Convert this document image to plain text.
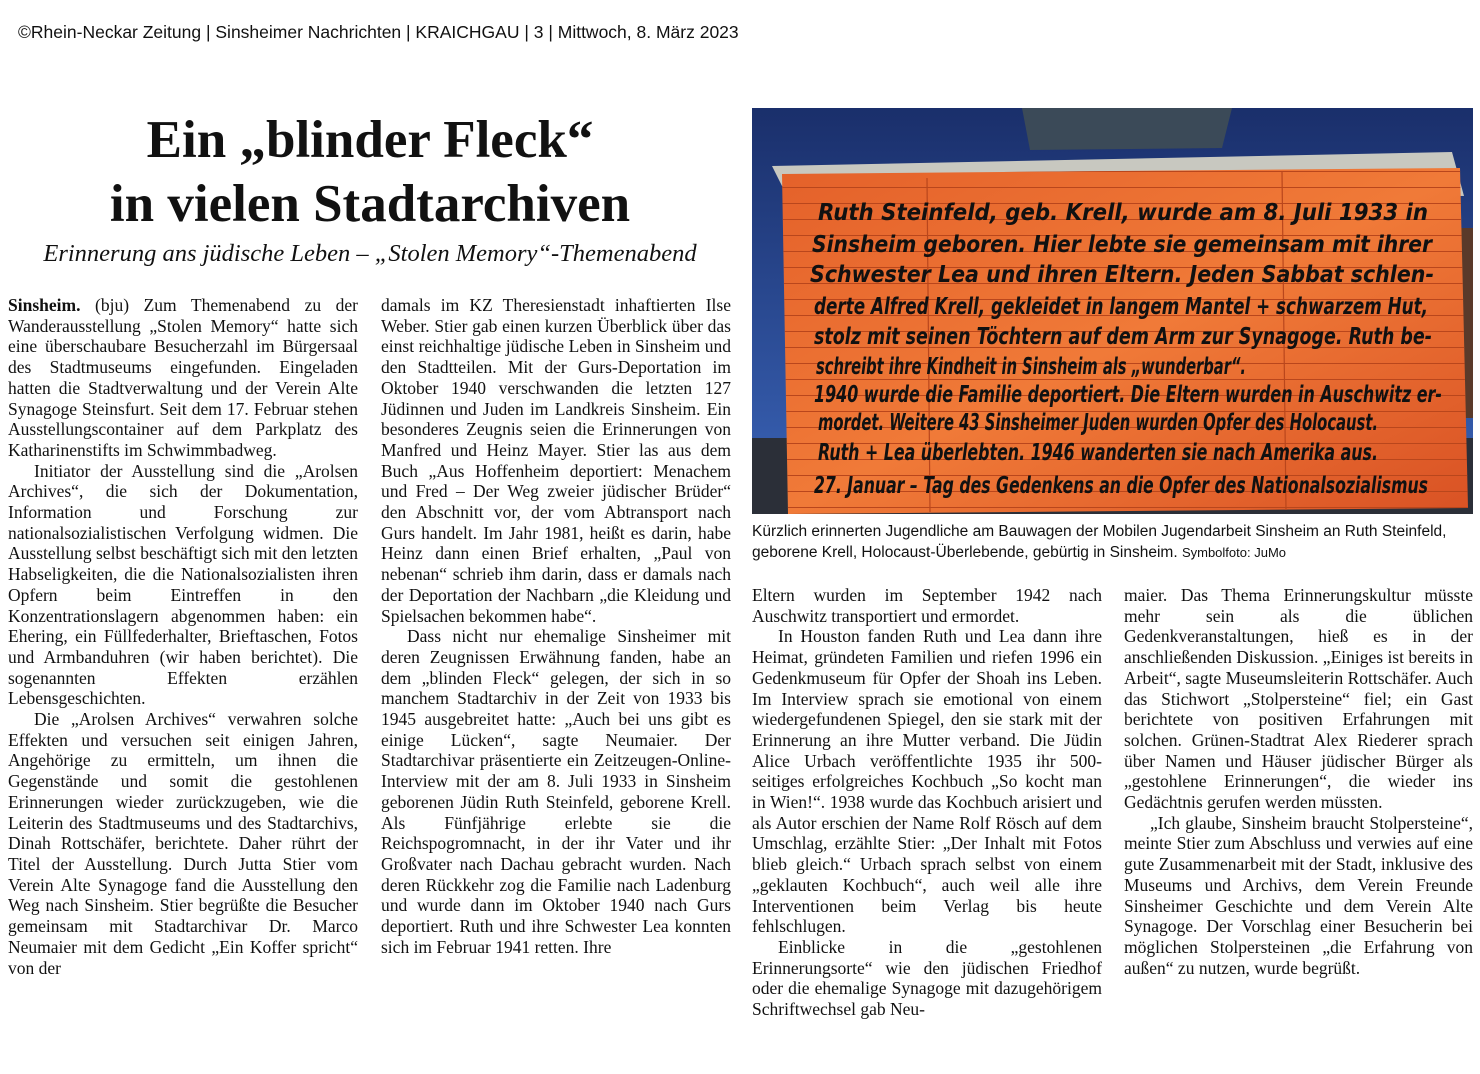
©Rhein-Neckar Zeitung | Sinsheimer Nachrichten | KRAICHGAU | 3 | Mittwoch, 8. März 2023
Ein „blinder Fleck“
in vielen Stadtarchiven
Erinnerung ans jüdische Leben – „Stolen Memory“-Themenabend

Sinsheim. (bju) Zum Themenabend zu der Wanderausstellung „Stolen Memory“ hatte sich eine überschaubare Besucherzahl im Bürgersaal des Stadtmuseums eingefunden. Eingeladen hatten die Stadtverwaltung und der Verein Alte Synagoge Steinsfurt. Seit dem 17. Februar stehen Ausstellungscontainer auf dem Parkplatz des Katharinenstifts im Schwimmbadweg.

Initiator der Ausstellung sind die „Arolsen Archives“, die sich der Dokumentation, Information und Forschung zur nationalsozialistischen Verfolgung widmen. Die Ausstellung selbst beschäftigt sich mit den letzten Habseligkeiten, die die Nationalsozialisten ihren Opfern beim Eintreffen in den Konzentrationslagern abgenommen haben: ein Ehering, ein Füllfederhalter, Brieftaschen, Fotos und Armbanduhren (wir haben berichtet). Die sogenannten Effekten erzählen Lebensgeschichten.

Die „Arolsen Archives“ verwahren solche Effekten und versuchen seit einigen Jahren, Angehörige zu ermitteln, um ihnen die Gegenstände und somit die gestohlenen Erinnerungen wieder zurückzugeben, wie die Leiterin des Stadtmuseums und des Stadtarchivs, Dinah Rottschäfer, berichtete. Daher rührt der Titel der Ausstellung. Durch Jutta Stier vom Verein Alte Synagoge fand die Ausstellung den Weg nach Sinsheim. Stier begrüßte die Besucher gemeinsam mit Stadtarchivar Dr. Marco Neumaier mit dem Gedicht „Ein Koffer spricht“ von der

damals im KZ Theresienstadt inhaftierten Ilse Weber. Stier gab einen kurzen Überblick über das einst reichhaltige jüdische Leben in Sinsheim und den Stadtteilen. Mit der Gurs-Deportation im Oktober 1940 verschwanden die letzten 127 Jüdinnen und Juden im Landkreis Sinsheim. Ein besonderes Zeugnis seien die Erinnerungen von Manfred und Heinz Mayer. Stier las aus dem Buch „Aus Hoffenheim deportiert: Menachem und Fred – Der Weg zweier jüdischer Brüder“ den Abschnitt vor, der vom Abtransport nach Gurs handelt. Im Jahr 1981, heißt es darin, habe Heinz dann einen Brief erhalten, „Paul von nebenan“ schrieb ihm darin, dass er damals nach der Deportation der Nachbarn „die Kleidung und Spielsachen bekommen habe“.

Dass nicht nur ehemalige Sinsheimer mit deren Zeugnissen Erwähnung fanden, habe an dem „blinden Fleck“ gelegen, der sich in so manchem Stadtarchiv in der Zeit von 1933 bis 1945 ausgebreitet hatte: „Auch bei uns gibt es einige Lücken“, sagte Neumaier. Der Stadtarchivar präsentierte ein Zeitzeugen-Online-Interview mit der am 8. Juli 1933 in Sinsheim geborenen Jüdin Ruth Steinfeld, geborene Krell. Als Fünfjährige erlebte sie die Reichspogromnacht, in der ihr Vater und ihr Großvater nach Dachau gebracht wurden. Nach deren Rückkehr zog die Familie nach Ladenburg und wurde dann im Oktober 1940 nach Gurs deportiert. Ruth und ihre Schwester Lea konnten sich im Februar 1941 retten. Ihre

Ruth Steinfeld, geb. Krell, wurde am 8. Juli 1933 in
Sinsheim geboren. Hier lebte sie gemeinsam mit ihrer
Schwester Lea und ihren Eltern. Jeden Sabbat schlen-
derte Alfred Krell, gekleidet in langem Mantel + schwarzem Hut,
stolz mit seinen Töchtern auf dem Arm zur Synagoge. Ruth be-
schreibt ihre Kindheit in Sinsheim als „wunderbar“.
1940 wurde die Familie deportiert. Die Eltern wurden in Auschwitz er-
mordet. Weitere 43 Sinsheimer Juden wurden Opfer des Holocaust.
Ruth + Lea überlebten. 1946 wanderten sie nach Amerika aus.
27. Januar – Tag des Gedenkens an die Opfer des Nationalsozialismus
Kürzlich erinnerten Jugendliche am Bauwagen der Mobilen Jugendarbeit Sinsheim an Ruth Steinfeld, geborene Krell, Holocaust-Überlebende, gebürtig in Sinsheim. Symbolfoto: JuMo

Eltern wurden im September 1942 nach Auschwitz transportiert und ermordet.

In Houston fanden Ruth und Lea dann ihre Heimat, gründeten Familien und riefen 1996 ein Gedenkmuseum für Opfer der Shoah ins Leben. Im Interview sprach sie emotional von einem wiedergefundenen Spiegel, den sie stark mit der Erinnerung an ihre Mutter verband. Die Jüdin Alice Urbach veröffentlichte 1935 ihr 500-seitiges erfolgreiches Kochbuch „So kocht man in Wien!“. 1938 wurde das Kochbuch arisiert und als Autor erschien der Name Rolf Rösch auf dem Umschlag, erzählte Stier: „Der Inhalt mit Fotos blieb gleich.“ Urbach sprach selbst von einem „geklauten Kochbuch“, auch weil alle ihre Interventionen beim Verlag bis heute fehlschlugen.

Einblicke in die „gestohlenen Erinnerungsorte“ wie den jüdischen Friedhof oder die ehemalige Synagoge mit dazugehörigem Schriftwechsel gab Neu-

maier. Das Thema Erinnerungskultur müsste mehr sein als die üblichen Gedenkveranstaltungen, hieß es in der anschließenden Diskussion. „Einiges ist bereits in Arbeit“, sagte Museumsleiterin Rottschäfer. Auch das Stichwort „Stolpersteine“ fiel; ein Gast berichtete von positiven Erfahrungen mit solchen. Grünen-Stadtrat Alex Riederer sprach über Namen und Häuser jüdischer Bürger als „gestohlene Erinnerungen“, die wieder ins Gedächtnis gerufen werden müssten.

„Ich glaube, Sinsheim braucht Stolpersteine“, meinte Stier zum Abschluss und verwies auf eine gute Zusammenarbeit mit der Stadt, inklusive des Museums und Archivs, dem Verein Freunde Sinsheimer Geschichte und dem Verein Alte Synagoge. Der Vorschlag einer Besucherin bei möglichen Stolpersteinen „die Erfahrung von außen“ zu nutzen, wurde begrüßt.
